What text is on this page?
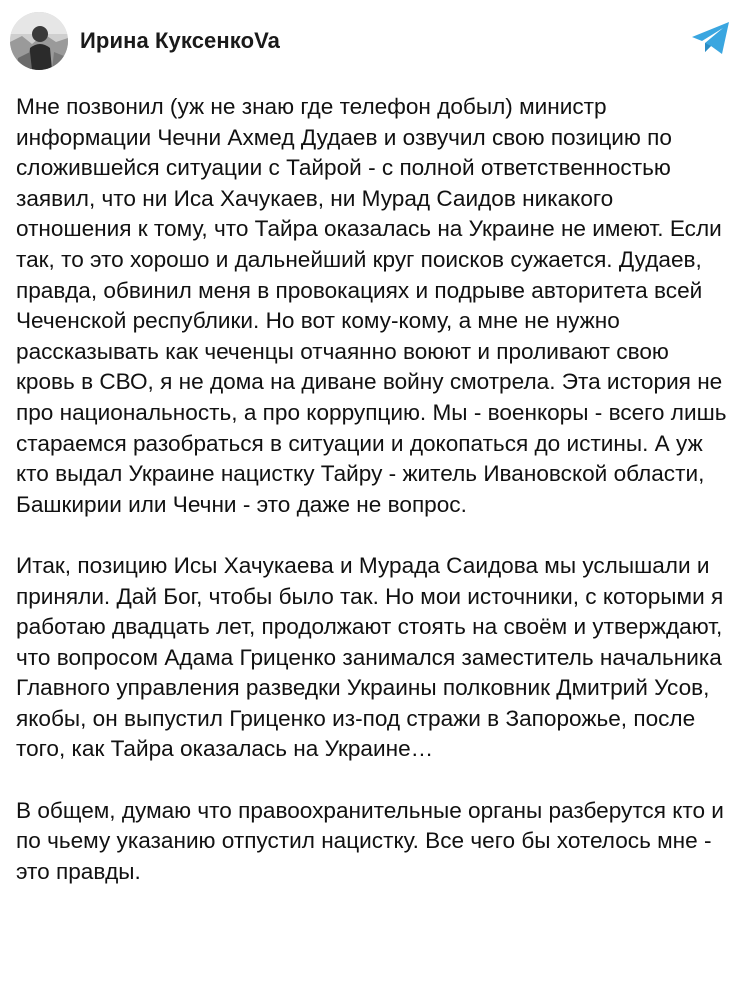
Ирина КуксенкоVa

Мне позвонил (уж не знаю где телефон добыл) министр информации Чечни Ахмед Дудаев и озвучил свою позицию по сложившейся ситуации с Тайрой - с полной ответственностью заявил, что ни Иса Хачукаев, ни Мурад Саидов никакого отношения к тому, что Тайра оказалась на Украине не имеют. Если так, то это хорошо и дальнейший круг поисков сужается. Дудаев, правда, обвинил меня в провокациях и подрыве авторитета всей Чеченской республики. Но вот кому-кому, а мне не нужно рассказывать как чеченцы отчаянно воюют и проливают свою кровь в СВО, я не дома на диване войну смотрела. Эта история не про национальность, а про коррупцию. Мы - военкоры - всего лишь стараемся разобраться в ситуации и докопаться до истины. А уж кто выдал Украине нацистку Тайру - житель Ивановской области, Башкирии или Чечни - это даже не вопрос.

Итак, позицию Исы Хачукаева и Мурада Саидова мы услышали и приняли. Дай Бог, чтобы было так. Но мои источники, с которыми я работаю двадцать лет, продолжают стоять на своём и утверждают, что вопросом Адама Гриценко занимался заместитель начальника Главного управления разведки Украины полковник Дмитрий Усов, якобы, он выпустил Гриценко из-под стражи в Запорожье, после того, как Тайра оказалась на Украине…

В общем, думаю что правоохранительные органы разберутся кто и по чьему указанию отпустил нацистку. Все чего бы хотелось мне - это правды.
